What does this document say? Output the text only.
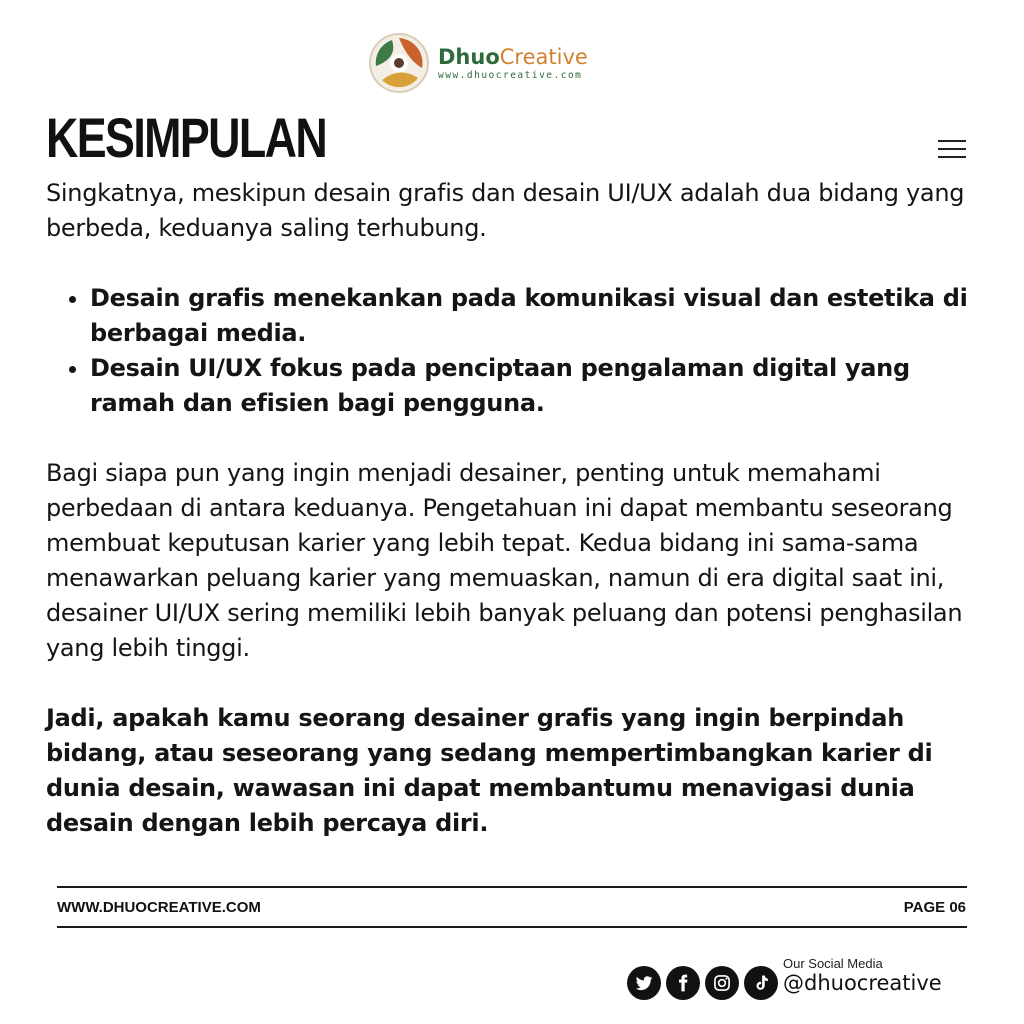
DhuoCreative
www.dhuocreative.com
KESIMPULAN

Singkatnya, meskipun desain grafis dan desain UI/UX adalah dua bidang yang berbeda, keduanya saling terhubung.

• Desain grafis menekankan pada komunikasi visual dan estetika di berbagai media.
• Desain UI/UX fokus pada penciptaan pengalaman digital yang ramah dan efisien bagi pengguna.

Bagi siapa pun yang ingin menjadi desainer, penting untuk memahami perbedaan di antara keduanya. Pengetahuan ini dapat membantu seseorang membuat keputusan karier yang lebih tepat. Kedua bidang ini sama-sama menawarkan peluang karier yang memuaskan, namun di era digital saat ini, desainer UI/UX sering memiliki lebih banyak peluang dan potensi penghasilan yang lebih tinggi.

Jadi, apakah kamu seorang desainer grafis yang ingin berpindah bidang, atau seseorang yang sedang mempertimbangkan karier di dunia desain, wawasan ini dapat membantumu menavigasi dunia desain dengan lebih percaya diri.

WWW.DHUOCREATIVE.COM	PAGE 06
Our Social Media
@dhuocreative
